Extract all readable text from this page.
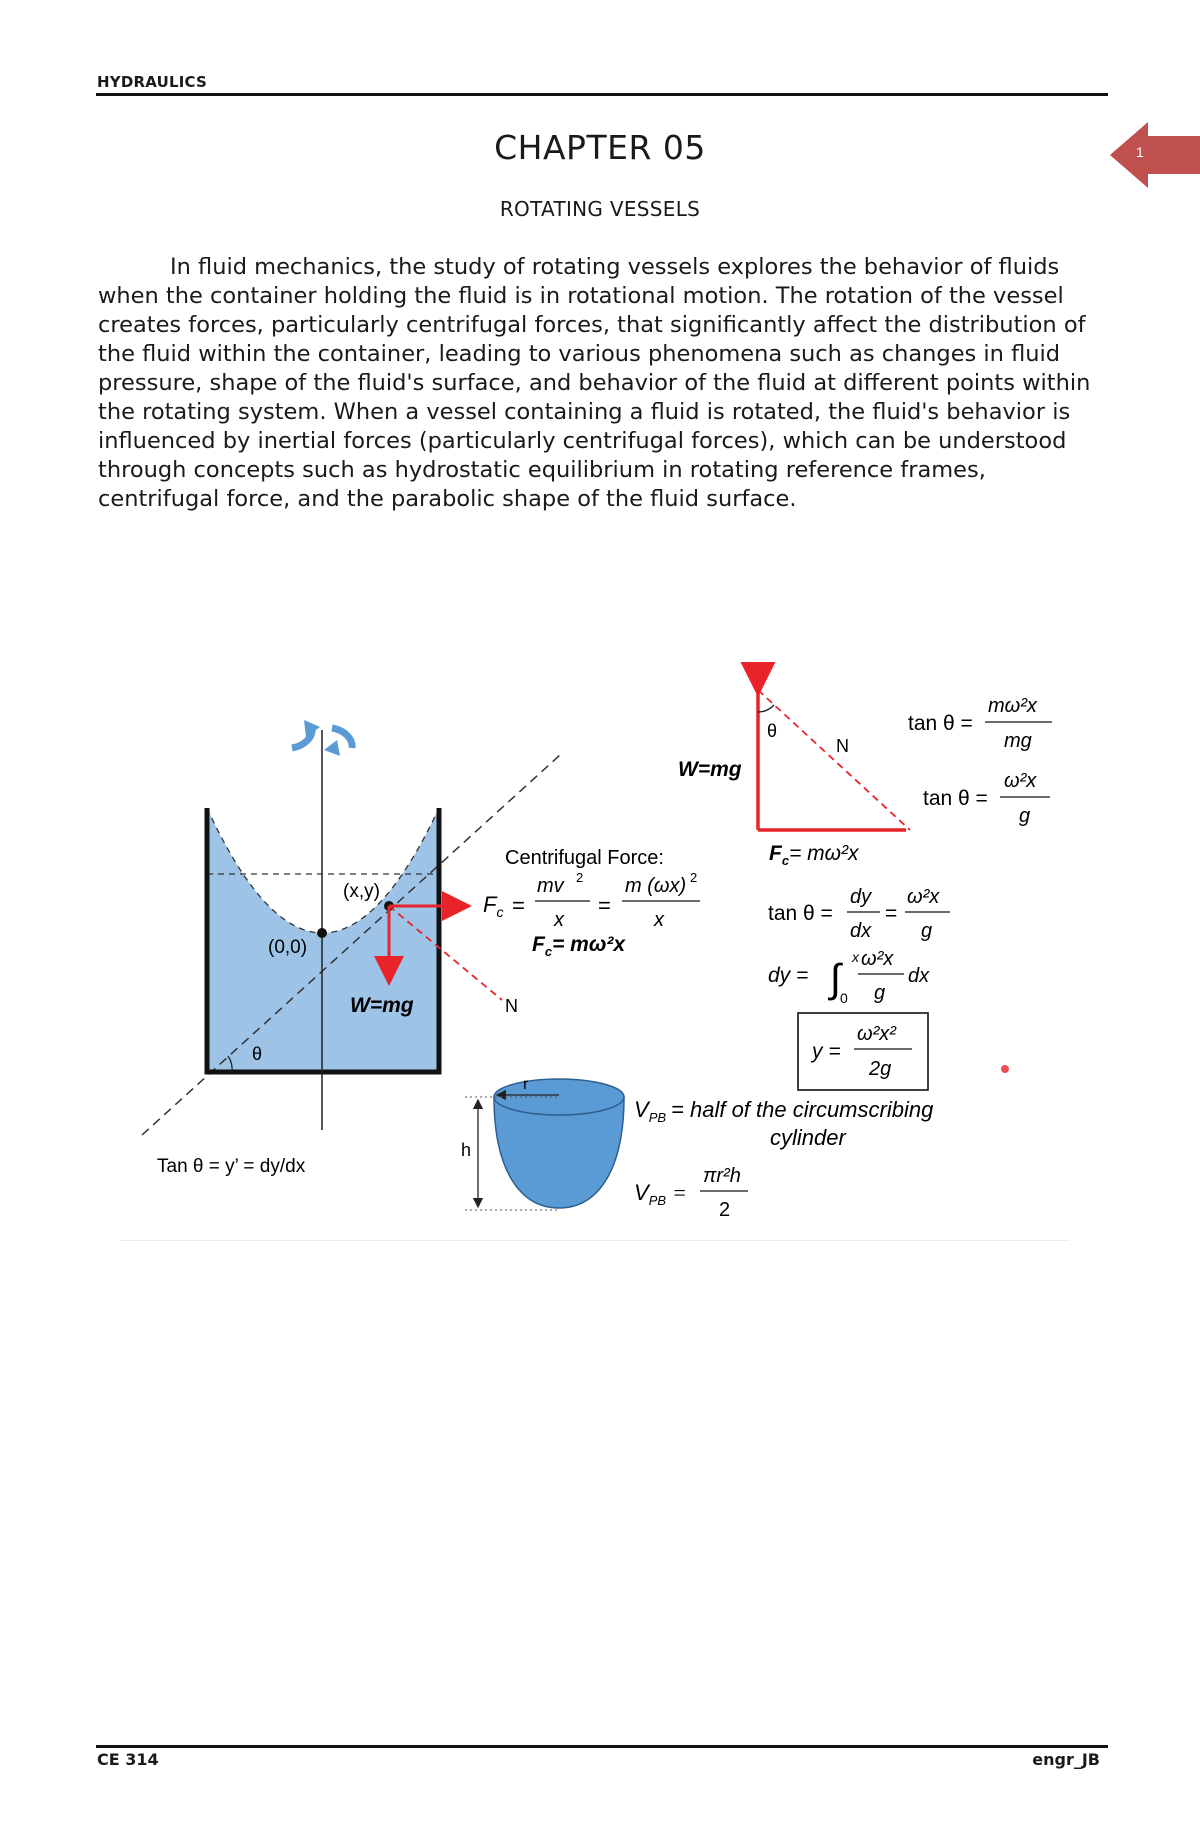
HYDRAULICS
1
CHAPTER 05
ROTATING VESSELS

In fluid mechanics, the study of rotating vessels explores the behavior of fluids when the container holding the fluid is in rotational motion. The rotation of the vessel creates forces, particularly centrifugal forces, that significantly affect the distribution of the fluid within the container, leading to various phenomena such as changes in fluid pressure, shape of the fluid's surface, and behavior of the fluid at different points within the rotating system. When a vessel containing a fluid is rotated, the fluid's behavior is influenced by inertial forces (particularly centrifugal forces), which can be understood through concepts such as hydrostatic equilibrium in rotating reference frames, centrifugal force, and the parabolic shape of the fluid surface.

(0,0)
(x,y)
W=mg	N
θ
Tan θ = y’ = dy/dx
Centrifugal Force:
$F_c$ =
mv 2
x
=
m (ωx) 2
x
$F_c= m\omega^2x$
θ
N
W=mg
$F_c= m\omega^2x$
tan θ =
mω²x
mg
tan θ =
ω²x
g
tan θ =
dy
dx
=
ω²x
g
dy = ∫ x
0
ω²x
g
dx
y =
ω²x²
2g
r
h
$V_{PB}$ = half of the circumscribing
cylinder
$V_{PB}$ =
πr²h
2
CE 314	engr_JB
